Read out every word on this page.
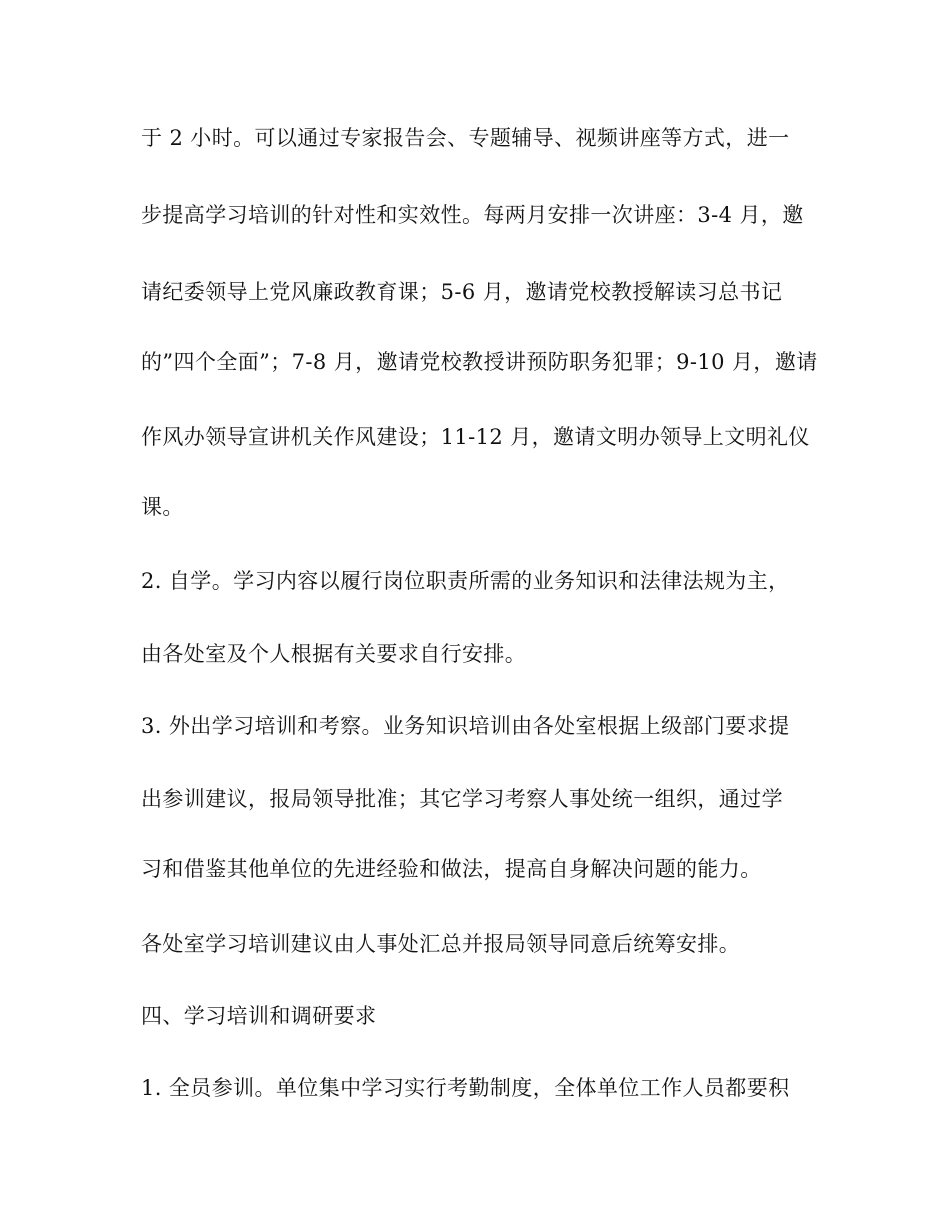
于 2 小时。可以通过专家报告会、专题辅导、视频讲座等方式，进一
步提高学习培训的针对性和实效性。每两月安排一次讲座：3-4 月，邀
请纪委领导上党风廉政教育课；5-6 月，邀请党校教授解读习总书记
的”四个全面”；7-8 月，邀请党校教授讲预防职务犯罪；9-10 月，邀请
作风办领导宣讲机关作风建设；11-12 月，邀请文明办领导上文明礼仪
课。
2. 自学。学习内容以履行岗位职责所需的业务知识和法律法规为主，
由各处室及个人根据有关要求自行安排。
3. 外出学习培训和考察。业务知识培训由各处室根据上级部门要求提
出参训建议，报局领导批准；其它学习考察人事处统一组织，通过学
习和借鉴其他单位的先进经验和做法，提高自身解决问题的能力。
各处室学习培训建议由人事处汇总并报局领导同意后统筹安排。
四、学习培训和调研要求
1. 全员参训。单位集中学习实行考勤制度，全体单位工作人员都要积
